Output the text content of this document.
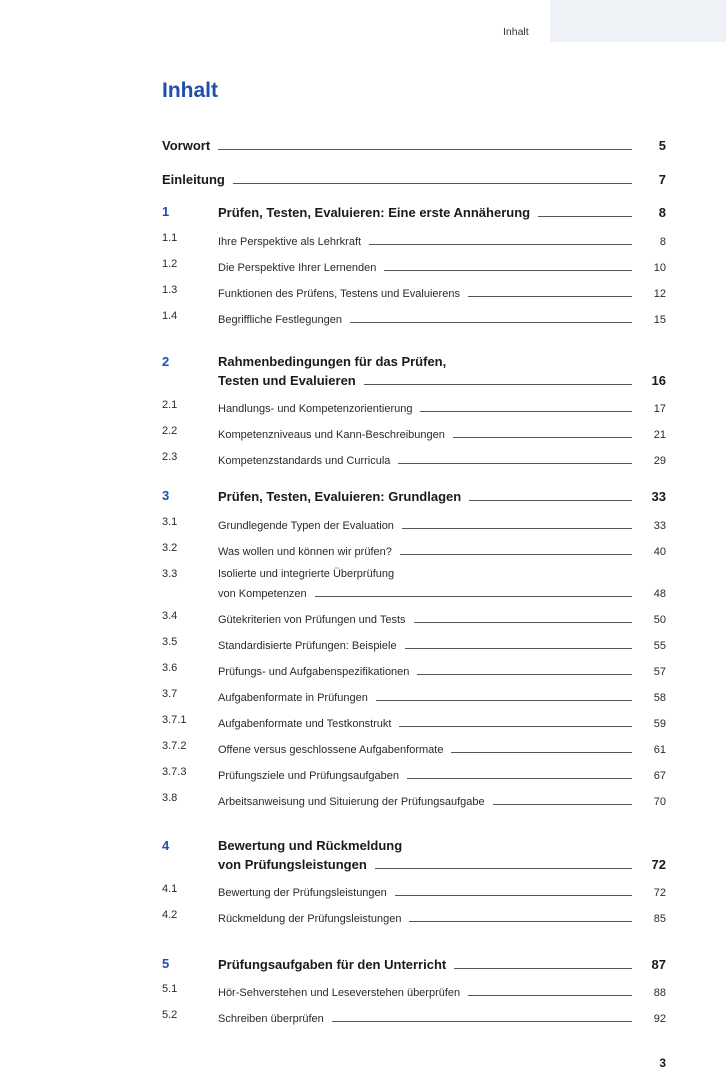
Inhalt
Inhalt
Vorwort	5
Einleitung	7
1	Prüfen, Testen, Evaluieren: Eine erste Annäherung	8
1.1	Ihre Perspektive als Lehrkraft	8
1.2	Die Perspektive Ihrer Lernenden	10
1.3	Funktionen des Prüfens, Testens und Evaluierens	12
1.4	Begriffliche Festlegungen	15
2	Rahmenbedingungen für das Prüfen,
Testen und Evaluieren	16
2.1	Handlungs- und Kompetenzorientierung	17
2.2	Kompetenzniveaus und Kann-Beschreibungen	21
2.3	Kompetenzstandards und Curricula	29
3	Prüfen, Testen, Evaluieren: Grundlagen	33
3.1	Grundlegende Typen der Evaluation	33
3.2	Was wollen und können wir prüfen?	40
3.3	Isolierte und integrierte Überprüfung
von Kompetenzen	48
3.4	Gütekriterien von Prüfungen und Tests	50
3.5	Standardisierte Prüfungen: Beispiele	55
3.6	Prüfungs- und Aufgabenspezifikationen	57
3.7	Aufgabenformate in Prüfungen	58
3.7.1	Aufgabenformate und Testkonstrukt	59
3.7.2	Offene versus geschlossene Aufgabenformate	61
3.7.3	Prüfungsziele und Prüfungsaufgaben	67
3.8	Arbeitsanweisung und Situierung der Prüfungsaufgabe	70
4	Bewertung und Rückmeldung
von Prüfungsleistungen	72
4.1	Bewertung der Prüfungsleistungen	72
4.2	Rückmeldung der Prüfungsleistungen	85
5	Prüfungsaufgaben für den Unterricht	87
5.1	Hör-Sehverstehen und Leseverstehen überprüfen	88
5.2	Schreiben überprüfen	92
3
